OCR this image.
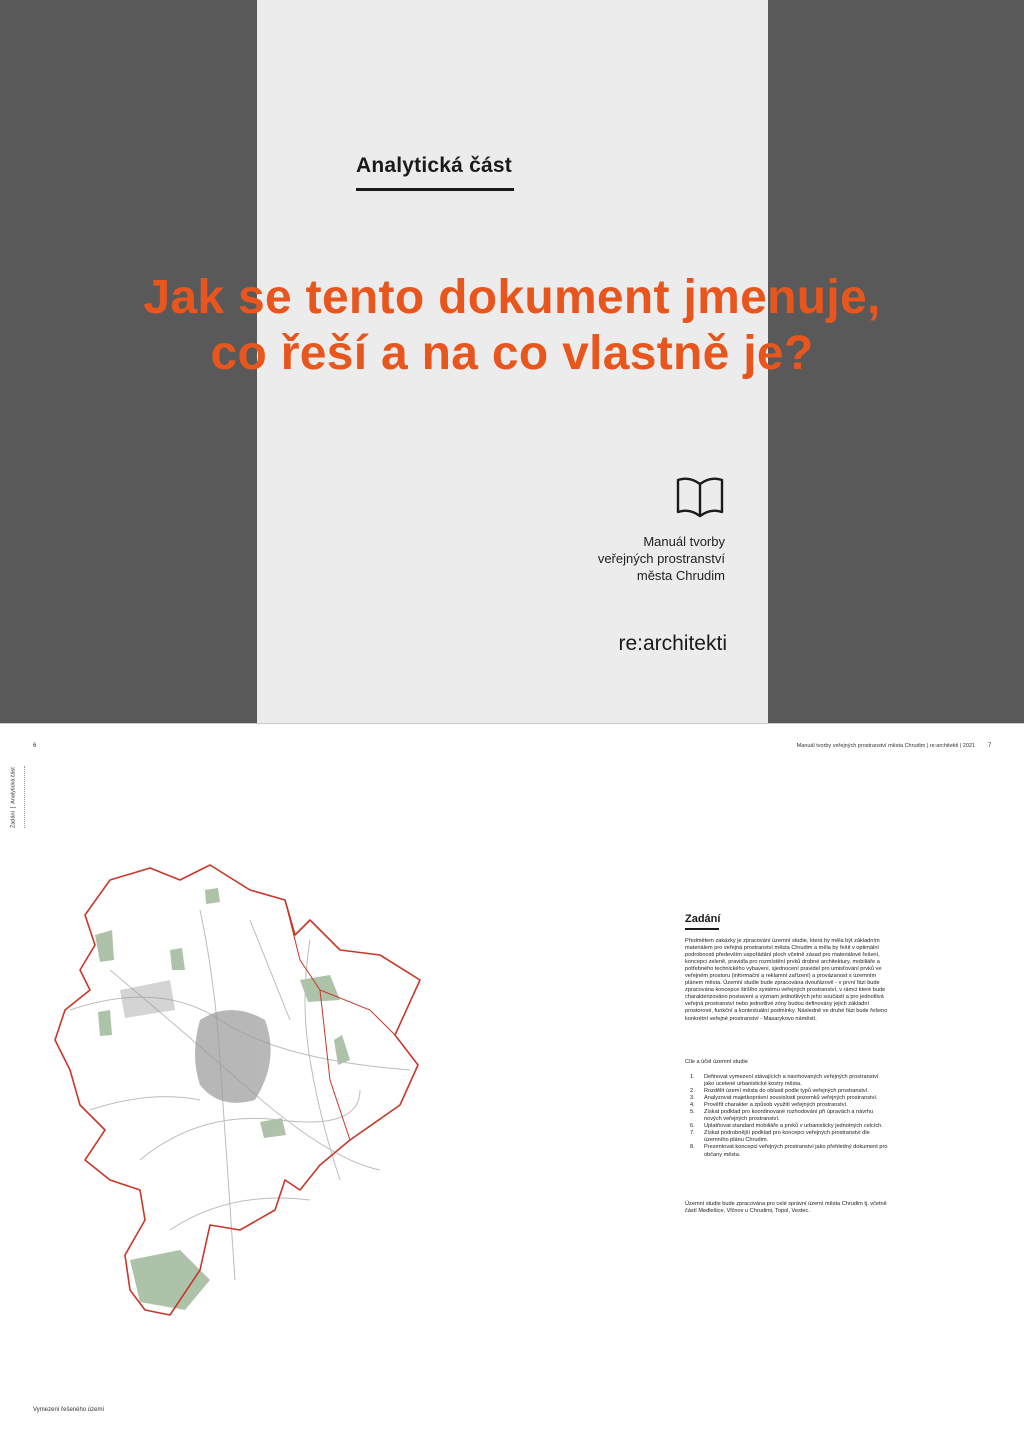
Analytická část
Jak se tento dokument jmenuje,
co řeší a na co vlastně je?
Manuál tvorby
veřejných prostranství
města Chrudim
re:architekti
6	Manuál tvorby veřejných prostranství města Chrudim | re:architekti | 2021 7
ZadáníAnalytická část
Vymezení řešeného území
Zadání
Předmětem zakázky je zpracování územní studie, která by měla být základním materiálem pro veřejná prostranství města Chrudim a měla by řešit v optimální podrobnosti především uspořádání ploch včetně zásad pro materiálové řešení, koncepci zeleně, pravidla pro rozmístění prvků drobné architektury, mobiliáře a potřebného technického vybavení, sjednocení pravidel pro umisťování prvků ve veřejném prostoru (informační a reklamní zařízení) a provázanost s územním plánem města. Územní studie bude zpracována dvoufázově - v první fázi bude zpracována koncepce širšího systému veřejných prostranství, v rámci které bude charakterizováno postavení a význam jednotlivých jeho součástí a pro jednotlivá veřejná prostranství nebo jednotlivé zóny budou definovány jejich základní prostorové, funkční a kontextuální podmínky. Následně ve druhé fázi bude řešeno konkrétní veřejné prostranství - Masarykovo náměstí.
Cíle a účel územní studie
1.	Definovat vymezení stávajících a navrhovaných veřejných prostranství jako ucelené urbanistické kostry města.
2.	Rozdělit území města do oblastí podle typů veřejných prostranství.
3.	Analyzovat majetkoprávní souvislosti pozemků veřejných prostranství.
4.	Prověřit charakter a způsob využití veřejných prostranství.
5.	Získat podklad pro koordinované rozhodování při úpravách a návrhu nových veřejných prostranství.
6.	Uplatňovat standard mobiliáře a prvků v urbanisticky jednotných celcích.
7.	Získat podrobnější podklad pro koncepci veřejných prostranství dle územního plánu Chrudim.
8.	Prezentovat koncepci veřejných prostranství jako přehledný dokument pro občany města.
Územní studie bude zpracována pro celé správní území města Chrudim tj. včetně částí Medlešice, Vlčnov u Chrudimi, Topol, Vestec.
